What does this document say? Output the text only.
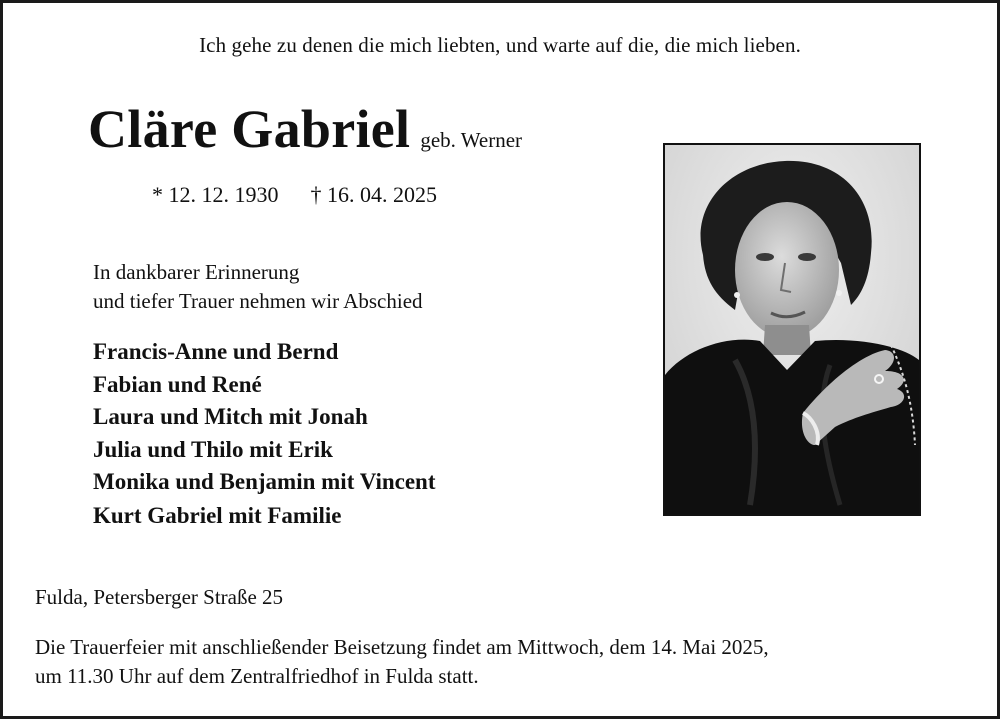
Ich gehe zu denen die mich liebten, und warte auf die, die mich lieben.
Cläre Gabriel geb. Werner
* 12. 12. 1930 † 16. 04. 2025
In dankbarer Erinnerung
und tiefer Trauer nehmen wir Abschied
Francis-Anne und Bernd
Fabian und René
Laura und Mitch mit Jonah
Julia und Thilo mit Erik
Monika und Benjamin mit Vincent
Kurt Gabriel mit Familie
Fulda, Petersberger Straße 25
Die Trauerfeier mit anschließender Beisetzung findet am Mittwoch, dem 14. Mai 2025,
um 11.30 Uhr auf dem Zentralfriedhof in Fulda statt.
